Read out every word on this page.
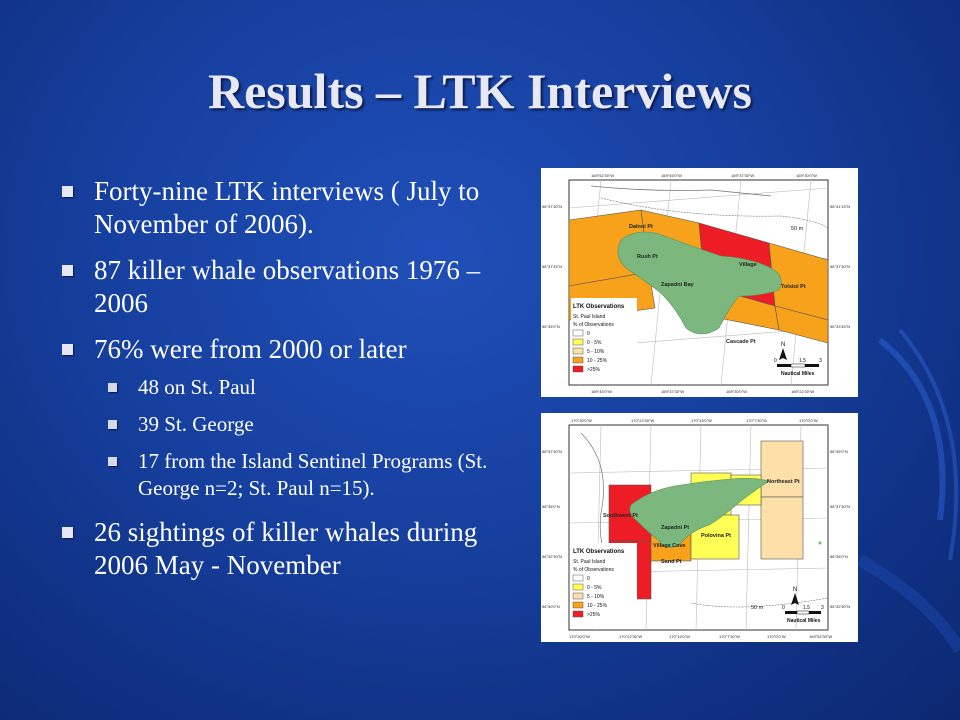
Results – LTK Interviews
Forty-nine LTK interviews ( July to November of 2006).
87 killer whale observations 1976 – 2006
76% were from 2000 or later
48 on St. Paul
39 St. George
17 from the Island Sentinel Programs (St. George n=2; St. Paul n=15).
26 sightings of killer whales during 2006 May - November
Dalnoi Pt
Rush Pt
Zapadni Bay
Village
Tolstoi Pt
Cascade Pt
50 m
169°52'30"W	169°45'0"W	169°37'30"W	169°30'0"W
169°45'0"W	169°37'30"W	169°30'0"W	169°22'30"W
56°37'30"N
56°37'45"N
56°35'0"N
56°41'15"N
56°37'30"N
56°33'45"N
LTK Observations
St. Paul Island
% of Observations
0
0 - 5%
5 - 10%
10 - 25%
>25%
N
0	1.5	3
Nautical Miles
Northeast Pt
Southwest Pt
Zapadni Pt
Polovina Pt
Village Cove
Sand Pt
50 m
170°30'0"W	170°22'30"W	170°15'0"W	170°7'30"W	170°0'0"W
170°30'0"W	170°22'30"W	170°15'0"W	170°7'30"W	170°0'0"W	169°52'30"W
56°37'30"N
56°35'0"N
56°32'30"N
56°30'0"N
56°45'0"N
56°37'30"N
56°35'0"N
56°32'30"N
LTK Observations
St. Paul Island
% of Observations
0
0 - 5%
5 - 10%
10 - 25%
>25%
N
0	1.5 3
Nautical Miles
